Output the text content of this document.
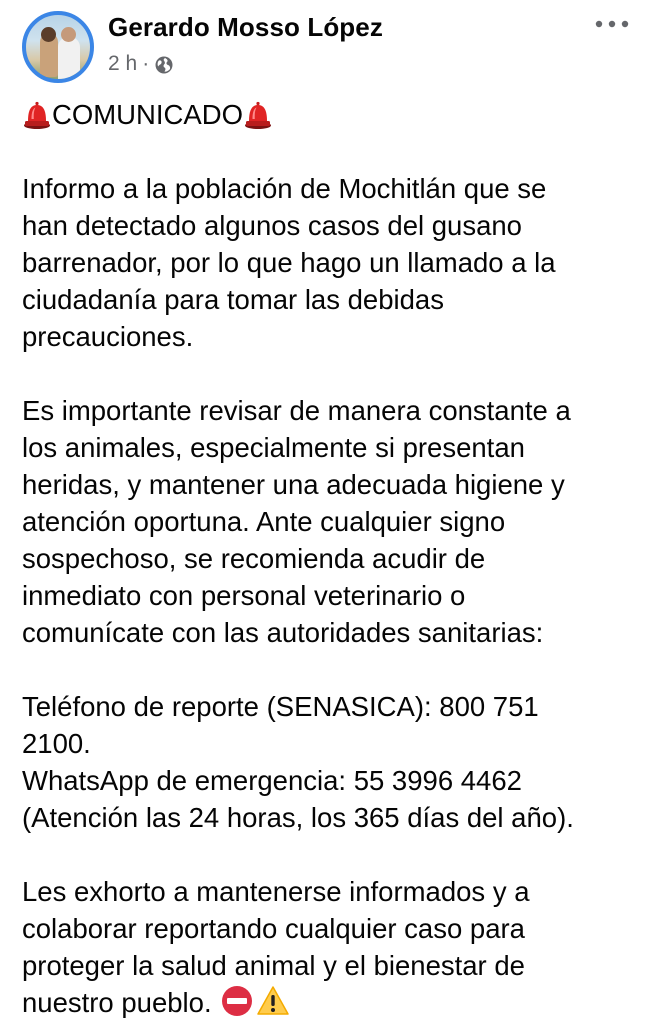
Gerardo Mosso López
2 h ·
COMUNICADO
Informo a la población de Mochitlán que se
han detectado algunos casos del gusano
barrenador, por lo que hago un llamado a la
ciudadanía para tomar las debidas
precauciones.
Es importante revisar de manera constante a
los animales, especialmente si presentan
heridas, y mantener una adecuada higiene y
atención oportuna. Ante cualquier signo
sospechoso, se recomienda acudir de
inmediato con personal veterinario o
comunícate con las autoridades sanitarias:
Teléfono de reporte (SENASICA): 800 751
2100.
WhatsApp de emergencia: 55 3996 4462
(Atención las 24 horas, los 365 días del año).
Les exhorto a mantenerse informados y a
colaborar reportando cualquier caso para
proteger la salud animal y el bienestar de
nuestro pueblo.
